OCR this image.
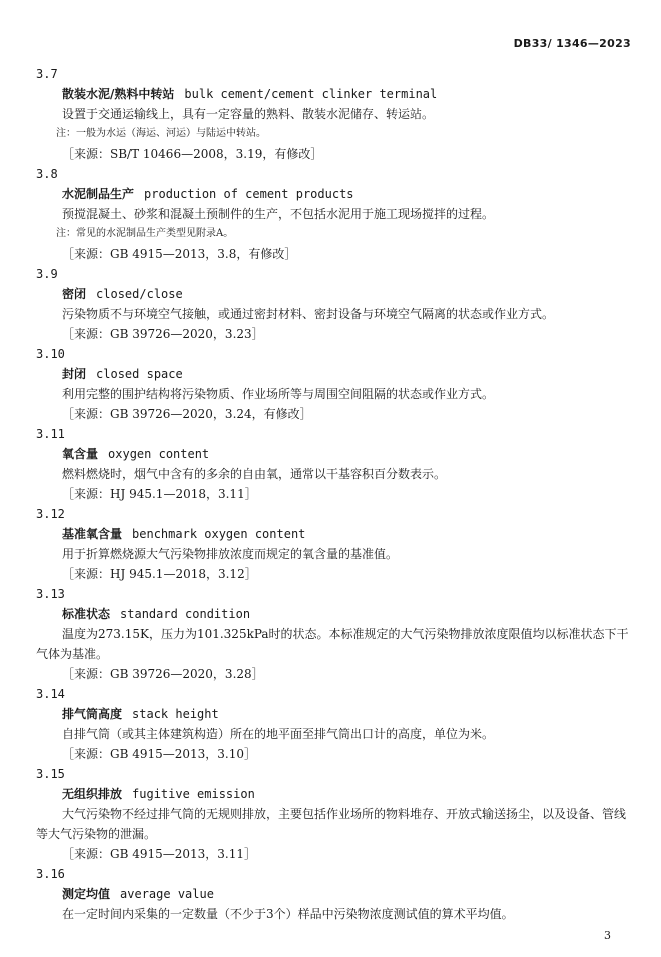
DB33/ 1346—2023
3.7
散装水泥/熟料中转站 bulk cement/cement clinker terminal
设置于交通运输线上，具有一定容量的熟料、散装水泥储存、转运站。
注：一般为水运（海运、河运）与陆运中转站。
［来源：SB/T 10466—2008，3.19，有修改］
3.8
水泥制品生产 production of cement products
预搅混凝土、砂浆和混凝土预制件的生产，不包括水泥用于施工现场搅拌的过程。
注：常见的水泥制品生产类型见附录A。
［来源：GB 4915—2013，3.8，有修改］
3.9
密闭 closed/close
污染物质不与环境空气接触，或通过密封材料、密封设备与环境空气隔离的状态或作业方式。
［来源：GB 39726—2020，3.23］
3.10
封闭 closed space
利用完整的围护结构将污染物质、作业场所等与周围空间阻隔的状态或作业方式。
［来源：GB 39726—2020，3.24，有修改］
3.11
氧含量 oxygen content
燃料燃烧时，烟气中含有的多余的自由氧，通常以干基容积百分数表示。
［来源：HJ 945.1—2018，3.11］
3.12
基准氧含量 benchmark oxygen content
用于折算燃烧源大气污染物排放浓度而规定的氧含量的基准值。
［来源：HJ 945.1—2018，3.12］
3.13
标准状态 standard condition
温度为273.15K，压力为101.325kPa时的状态。本标准规定的大气污染物排放浓度限值均以标准状态下干气体为基准。
［来源：GB 39726—2020，3.28］
3.14
排气筒高度 stack height
自排气筒（或其主体建筑构造）所在的地平面至排气筒出口计的高度，单位为米。
［来源：GB 4915—2013，3.10］
3.15
无组织排放 fugitive emission
大气污染物不经过排气筒的无规则排放，主要包括作业场所的物料堆存、开放式输送扬尘，以及设备、管线等大气污染物的泄漏。
［来源：GB 4915—2013，3.11］
3.16
测定均值 average value
在一定时间内采集的一定数量（不少于3个）样品中污染物浓度测试值的算术平均值。
3
